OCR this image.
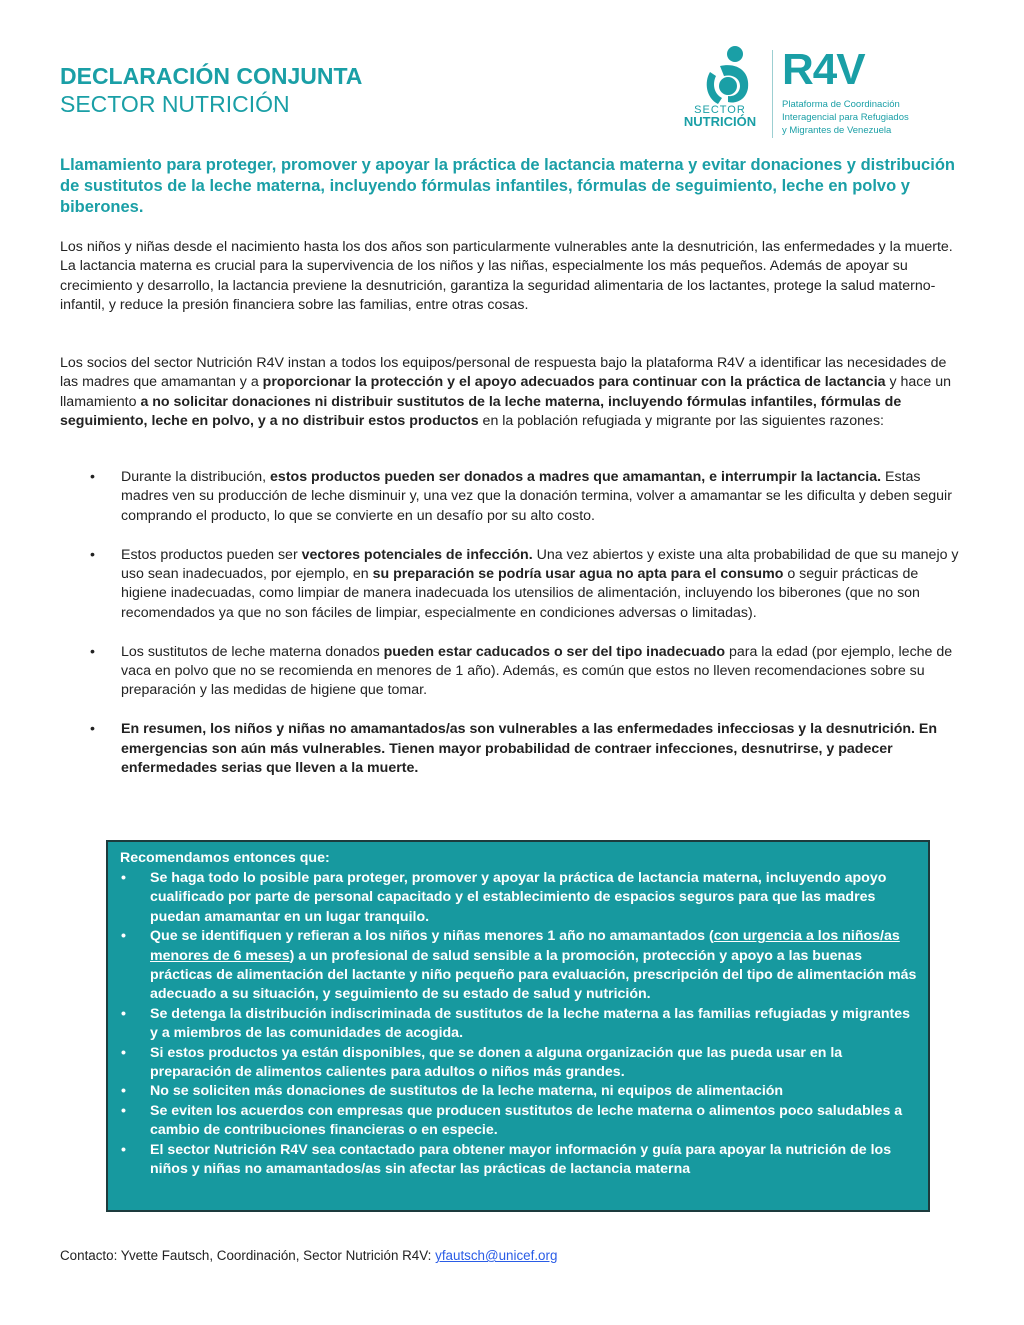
DECLARACIÓN CONJUNTA
SECTOR NUTRICIÓN	SECTOR
NUTRICIÓN
R4V
Plataforma de Coordinación
Interagencial para Refugiados
y Migrantes de Venezuela

Llamamiento para proteger, promover y apoyar la práctica de lactancia materna y evitar donaciones y distribución de sustitutos de la leche materna, incluyendo fórmulas infantiles, fórmulas de seguimiento, leche en polvo y biberones.

Los niños y niñas desde el nacimiento hasta los dos años son particularmente vulnerables ante la desnutrición, las enfermedades y la muerte. La lactancia materna es crucial para la supervivencia de los niños y las niñas, especialmente los más pequeños. Además de apoyar su crecimiento y desarrollo, la lactancia previene la desnutrición, garantiza la seguridad alimentaria de los lactantes, protege la salud materno-infantil, y reduce la presión financiera sobre las familias, entre otras cosas.

Los socios del sector Nutrición R4V instan a todos los equipos/personal de respuesta bajo la plataforma R4V a identificar las necesidades de las madres que amamantan y a proporcionar la protección y el apoyo adecuados para continuar con la práctica de lactancia y hace un llamamiento a no solicitar donaciones ni distribuir sustitutos de la leche materna, incluyendo fórmulas infantiles, fórmulas de seguimiento, leche en polvo, y a no distribuir estos productos en la población refugiada y migrante por las siguientes razones:

• Durante la distribución, estos productos pueden ser donados a madres que amamantan, e interrumpir la lactancia. Estas madres ven su producción de leche disminuir y, una vez que la donación termina, volver a amamantar se les dificulta y deben seguir comprando el producto, lo que se convierte en un desafío por su alto costo.
• Estos productos pueden ser vectores potenciales de infección. Una vez abiertos y existe una alta probabilidad de que su manejo y uso sean inadecuados, por ejemplo, en su preparación se podría usar agua no apta para el consumo o seguir prácticas de higiene inadecuadas, como limpiar de manera inadecuada los utensilios de alimentación, incluyendo los biberones (que no son recomendados ya que no son fáciles de limpiar, especialmente en condiciones adversas o limitadas).
• Los sustitutos de leche materna donados pueden estar caducados o ser del tipo inadecuado para la edad (por ejemplo, leche de vaca en polvo que no se recomienda en menores de 1 año). Además, es común que estos no lleven recomendaciones sobre su preparación y las medidas de higiene que tomar.
• En resumen, los niños y niñas no amamantados/as son vulnerables a las enfermedades infecciosas y la desnutrición. En emergencias son aún más vulnerables. Tienen mayor probabilidad de contraer infecciones, desnutrirse, y padecer enfermedades serias que lleven a la muerte.
Recomendamos entonces que:
• Se haga todo lo posible para proteger, promover y apoyar la práctica de lactancia materna, incluyendo apoyo cualificado por parte de personal capacitado y el establecimiento de espacios seguros para que las madres puedan amamantar en un lugar tranquilo.
• Que se identifiquen y refieran a los niños y niñas menores 1 año no amamantados (con urgencia a los niños/as menores de 6 meses) a un profesional de salud sensible a la promoción, protección y apoyo a las buenas prácticas de alimentación del lactante y niño pequeño para evaluación, prescripción del tipo de alimentación más adecuado a su situación, y seguimiento de su estado de salud y nutrición.
• Se detenga la distribución indiscriminada de sustitutos de la leche materna a las familias refugiadas y migrantes y a miembros de las comunidades de acogida.
• Si estos productos ya están disponibles, que se donen a alguna organización que las pueda usar en la preparación de alimentos calientes para adultos o niños más grandes.
• No se soliciten más donaciones de sustitutos de la leche materna, ni equipos de alimentación
• Se eviten los acuerdos con empresas que producen sustitutos de leche materna o alimentos poco saludables a cambio de contribuciones financieras o en especie.
• El sector Nutrición R4V sea contactado para obtener mayor información y guía para apoyar la nutrición de los niños y niñas no amamantados/as sin afectar las prácticas de lactancia materna
Contacto: Yvette Fautsch, Coordinación, Sector Nutrición R4V: yfautsch@unicef.org
